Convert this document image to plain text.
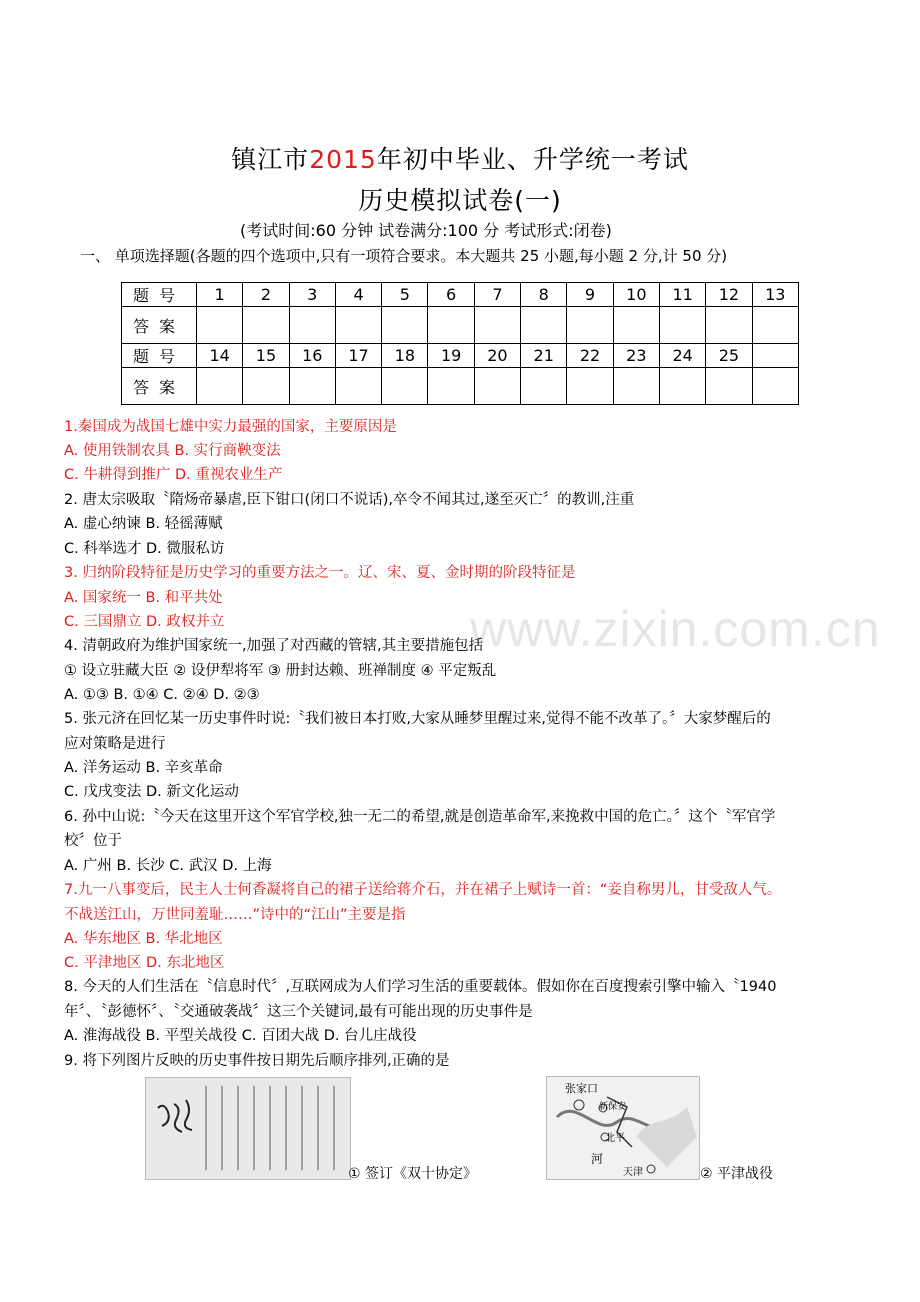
www.zixin.com.cn
镇江市2015年初中毕业、升学统一考试
历史模拟试卷(一)
(考试时间:60 分钟 试卷满分:100 分 考试形式:闭卷)
一、 单项选择题(各题的四个选项中,只有一项符合要求。本大题共 25 小题,每小题 2 分,计 50 分)
题号	1	2	3	4	5	6	7	8	9	10	11	12	13
答案													
题号	14	15	16	17	18	19	20	21	22	23	24	25	
答案													
1.秦国成为战国七雄中实力最强的国家，主要原因是
A. 使用铁制农具 B. 实行商鞅变法
C. 牛耕得到推广 D. 重视农业生产
2. 唐太宗吸取〝隋炀帝暴虐,臣下钳口(闭口不说话),卒令不闻其过,遂至灭亡〞的教训,注重
A. 虚心纳谏 B. 轻徭薄赋
C. 科举选才 D. 微服私访
3. 归纳阶段特征是历史学习的重要方法之一。辽、宋、夏、金时期的阶段特征是
A. 国家统一 B. 和平共处
C. 三国鼎立 D. 政权并立
4. 清朝政府为维护国家统一,加强了对西藏的管辖,其主要措施包括
① 设立驻藏大臣 ② 设伊犁将军 ③ 册封达赖、班禅制度 ④ 平定叛乱
A. ①③ B. ①④ C. ②④ D. ②③
5. 张元济在回忆某一历史事件时说:〝我们被日本打败,大家从睡梦里醒过来,觉得不能不改革了。〞大家梦醒后的
应对策略是进行
A. 洋务运动 B. 辛亥革命
C. 戊戌变法 D. 新文化运动
6. 孙中山说:〝今天在这里开这个军官学校,独一无二的希望,就是创造革命军,来挽救中国的危亡。〞这个〝军官学
校〞位于
A. 广州 B. 长沙 C. 武汉 D. 上海
7.九一八事变后，民主人士何香凝将自己的裙子送给蒋介石，并在裙子上赋诗一首：“妾自称男儿，甘受敌人气。
不战送江山，万世同羞耻……”诗中的“江山”主要是指
A. 华东地区 B. 华北地区
C. 平津地区 D. 东北地区
8. 今天的人们生活在〝信息时代〞,互联网成为人们学习生活的重要载体。假如你在百度搜索引擎中输入〝1940
年〞、〝彭德怀〞、〝交通破袭战〞这三个关键词,最有可能出现的历史事件是
A. 淮海战役 B. 平型关战役 C. 百团大战 D. 台儿庄战役
9. 将下列图片反映的历史事件按日期先后顺序排列,正确的是
① 签订《双十协定》
张家口
新保安
北平
天津
河
② 平津战役
